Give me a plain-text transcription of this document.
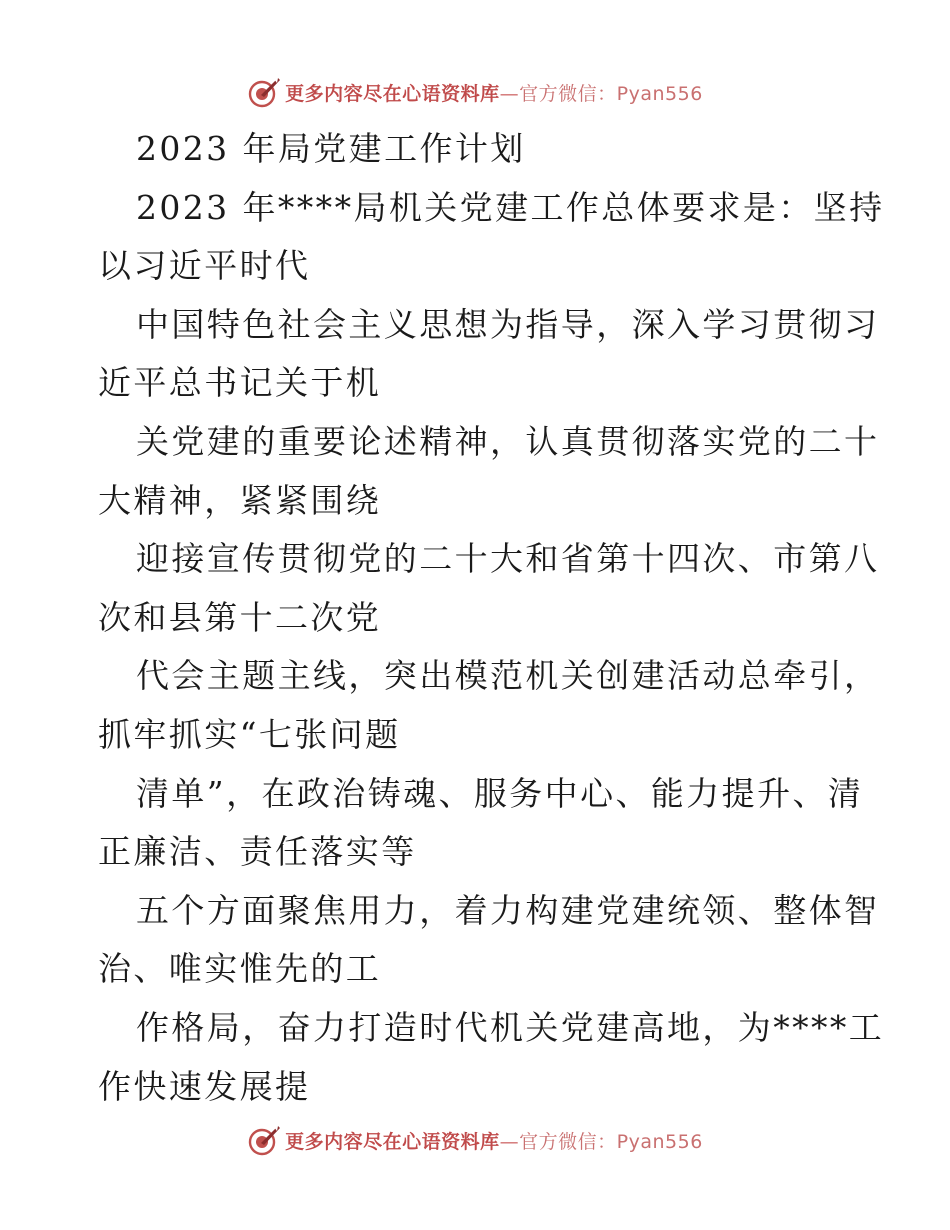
更多内容尽在心语资料库—官方微信：Pyan556
2023 年局党建工作计划
2023 年****局机关党建工作总体要求是：坚持
以习近平时代
中国特色社会主义思想为指导，深入学习贯彻习
近平总书记关于机
关党建的重要论述精神，认真贯彻落实党的二十
大精神，紧紧围绕
迎接宣传贯彻党的二十大和省第十四次、市第八
次和县第十二次党
代会主题主线，突出模范机关创建活动总牵引，
抓牢抓实“七张问题
清单”，在政治铸魂、服务中心、能力提升、清
正廉洁、责任落实等
五个方面聚焦用力，着力构建党建统领、整体智
治、唯实惟先的工
作格局，奋力打造时代机关党建高地，为****工
作快速发展提
更多内容尽在心语资料库—官方微信：Pyan556
